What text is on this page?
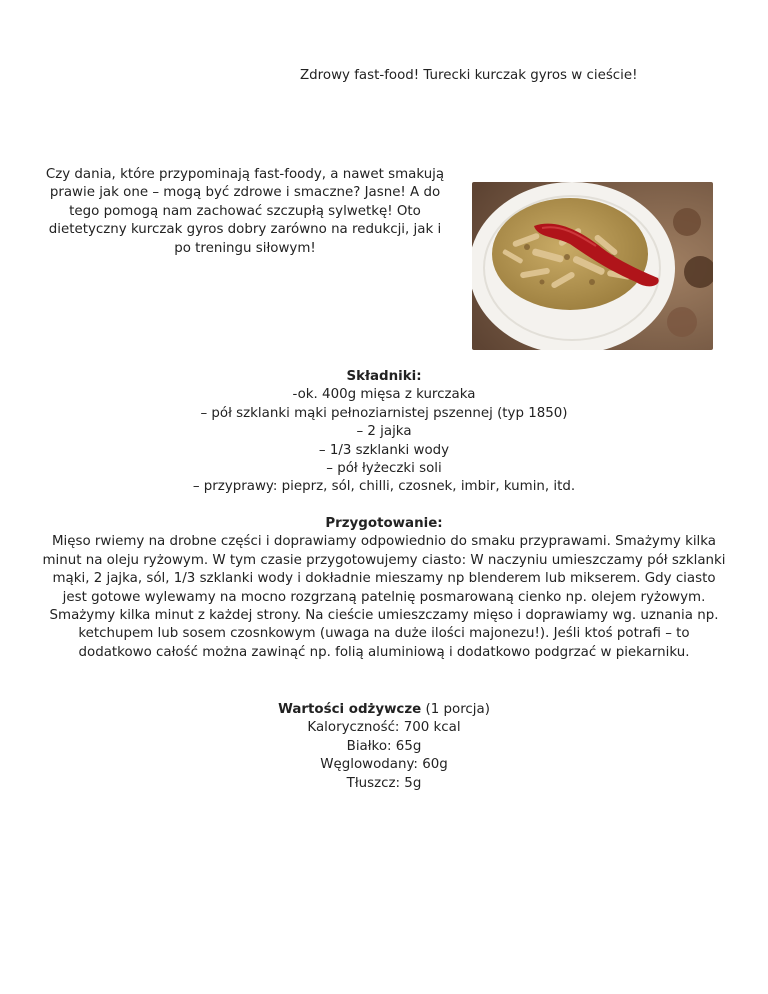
Zdrowy fast-food! Turecki kurczak gyros w cieście!
Czy dania, które przypominają fast-foody, a nawet smakują prawie jak one – mogą być zdrowe i smaczne? Jasne! A do tego pomogą nam zachować szczupłą sylwetkę! Oto dietetyczny kurczak gyros dobry zarówno na redukcji, jak i po treningu siłowym!
Składniki:
-ok. 400g mięsa z kurczaka
– pół szklanki mąki pełnoziarnistej pszennej (typ 1850)
– 2 jajka
– 1/3 szklanki wody
– pół łyżeczki soli
– przyprawy: pieprz, sól, chilli, czosnek, imbir, kumin, itd.
Przygotowanie:
Mięso rwiemy na drobne części i doprawiamy odpowiednio do smaku przyprawami. Smażymy kilka minut na oleju ryżowym. W tym czasie przygotowujemy ciasto: W naczyniu umieszczamy pół szklanki mąki, 2 jajka, sól, 1/3 szklanki wody i dokładnie mieszamy np blenderem lub mikserem. Gdy ciasto jest gotowe wylewamy na mocno rozgrzaną patelnię posmarowaną cienko np. olejem ryżowym. Smażymy kilka minut z każdej strony. Na cieście umieszczamy mięso i doprawiamy wg. uznania np. ketchupem lub sosem czosnkowym (uwaga na duże ilości majonezu!). Jeśli ktoś potrafi – to dodatkowo całość można zawinąć np. folią aluminiową i dodatkowo podgrzać w piekarniku.
Wartości odżywcze (1 porcja)
Kaloryczność: 700 kcal
Białko: 65g
Węglowodany: 60g
Tłuszcz: 5g
